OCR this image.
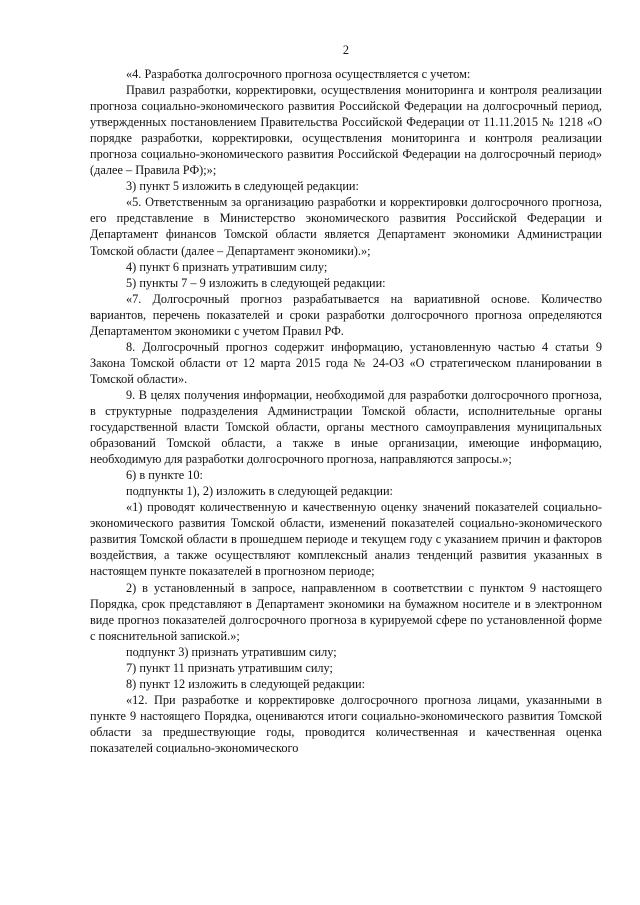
2

«4. Разработка долгосрочного прогноза осуществляется с учетом:

Правил разработки, корректировки, осуществления мониторинга и контроля реализации прогноза социально-экономического развития Российской Федерации на долгосрочный период, утвержденных постановлением Правительства Российской Федерации от 11.11.2015 № 1218 «О порядке разработки, корректировки, осуществления мониторинга и контроля реализации прогноза социально-экономического развития Российской Федерации на долгосрочный период» (далее – Правила РФ);»;

3) пункт 5 изложить в следующей редакции:

«5. Ответственным за организацию разработки и корректировки долгосрочного прогноза, его представление в Министерство экономического развития Российской Федерации и Департамент финансов Томской области является Департамент экономики Администрации Томской области (далее – Департамент экономики).»;

4) пункт 6 признать утратившим силу;

5) пункты 7 – 9 изложить в следующей редакции:

«7. Долгосрочный прогноз разрабатывается на вариативной основе. Количество вариантов, перечень показателей и сроки разработки долгосрочного прогноза определяются Департаментом экономики с учетом Правил РФ.

8. Долгосрочный прогноз содержит информацию, установленную частью 4 статьи 9 Закона Томской области от 12 марта 2015 года № 24-ОЗ «О стратегическом планировании в Томской области».

9. В целях получения информации, необходимой для разработки долгосрочного прогноза, в структурные подразделения Администрации Томской области, исполнительные органы государственной власти Томской области, органы местного самоуправления муниципальных образований Томской области, а также в иные организации, имеющие информацию, необходимую для разработки долгосрочного прогноза, направляются запросы.»;

6) в пункте 10:

подпункты 1), 2) изложить в следующей редакции:

«1) проводят количественную и качественную оценку значений показателей социально-экономического развития Томской области, изменений показателей социально-экономического развития Томской области в прошедшем периоде и текущем году с указанием причин и факторов воздействия, а также осуществляют комплексный анализ тенденций развития указанных в настоящем пункте показателей в прогнозном периоде;

2) в установленный в запросе, направленном в соответствии с пунктом 9 настоящего Порядка, срок представляют в Департамент экономики на бумажном носителе и в электронном виде прогноз показателей долгосрочного прогноза в курируемой сфере по установленной форме с пояснительной запиской.»;

подпункт 3) признать утратившим силу;

7) пункт 11 признать утратившим силу;

8) пункт 12 изложить в следующей редакции:

«12. При разработке и корректировке долгосрочного прогноза лицами, указанными в пункте 9 настоящего Порядка, оцениваются итоги социально-экономического развития Томской области за предшествующие годы, проводится количественная и качественная оценка показателей социально-экономического
